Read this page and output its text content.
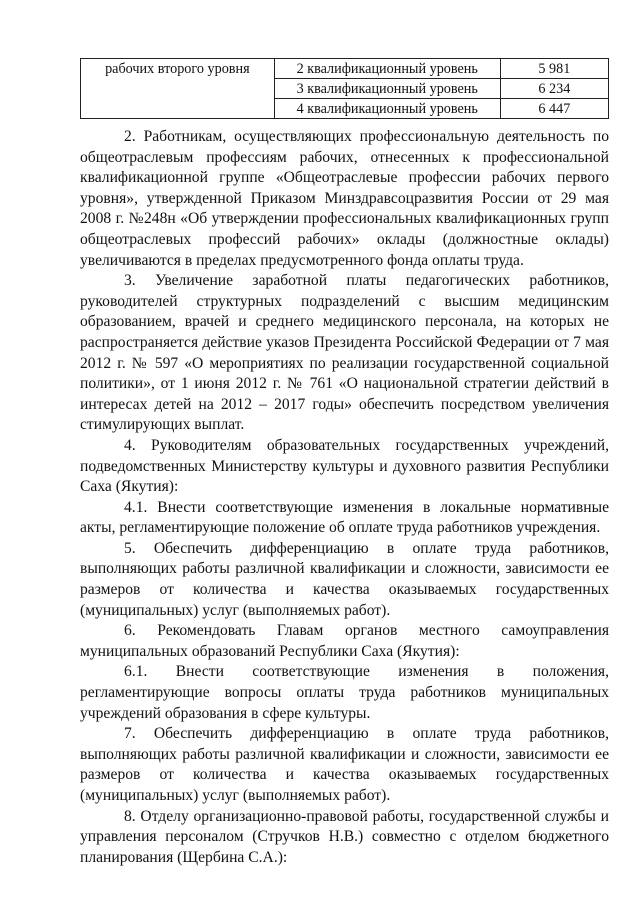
рабочих второго уровня	2 квалификационный уровень	5 981
	3 квалификационный уровень	6 234
	4 квалификационный уровень	6 447

2. Работникам, осуществляющих профессиональную деятельность по общеотраслевым профессиям рабочих, отнесенных к профессиональной квалификационной группе «Общеотраслевые профессии рабочих первого уровня», утвержденной Приказом Минздравсоцразвития России от 29 мая 2008 г. №248н «Об утверждении профессиональных квалификационных групп общеотраслевых профессий рабочих» оклады (должностные оклады) увеличиваются в пределах предусмотренного фонда оплаты труда.

3. Увеличение заработной платы педагогических работников, руководителей структурных подразделений с высшим медицинским образованием, врачей и среднего медицинского персонала, на которых не распространяется действие указов Президента Российской Федерации от 7 мая 2012 г. № 597 «О мероприятиях по реализации государственной социальной политики», от 1 июня 2012 г. № 761 «О национальной стратегии действий в интересах детей на 2012 – 2017 годы» обеспечить посредством увеличения стимулирующих выплат.

4. Руководителям образовательных государственных учреждений, подведомственных Министерству культуры и духовного развития Республики Саха (Якутия):

4.1. Внести соответствующие изменения в локальные нормативные акты, регламентирующие положение об оплате труда работников учреждения.

5. Обеспечить дифференциацию в оплате труда работников, выполняющих работы различной квалификации и сложности, зависимости ее размеров от количества и качества оказываемых государственных (муниципальных) услуг (выполняемых работ).

6. Рекомендовать Главам органов местного самоуправления муниципальных образований Республики Саха (Якутия):

6.1. Внести соответствующие изменения в положения, регламентирующие вопросы оплаты труда работников муниципальных учреждений образования в сфере культуры.

7. Обеспечить дифференциацию в оплате труда работников, выполняющих работы различной квалификации и сложности, зависимости ее размеров от количества и качества оказываемых государственных (муниципальных) услуг (выполняемых работ).

8. Отделу организационно-правовой работы, государственной службы и управления персоналом (Стручков Н.В.) совместно с отделом бюджетного планирования (Щербина С.А.):
